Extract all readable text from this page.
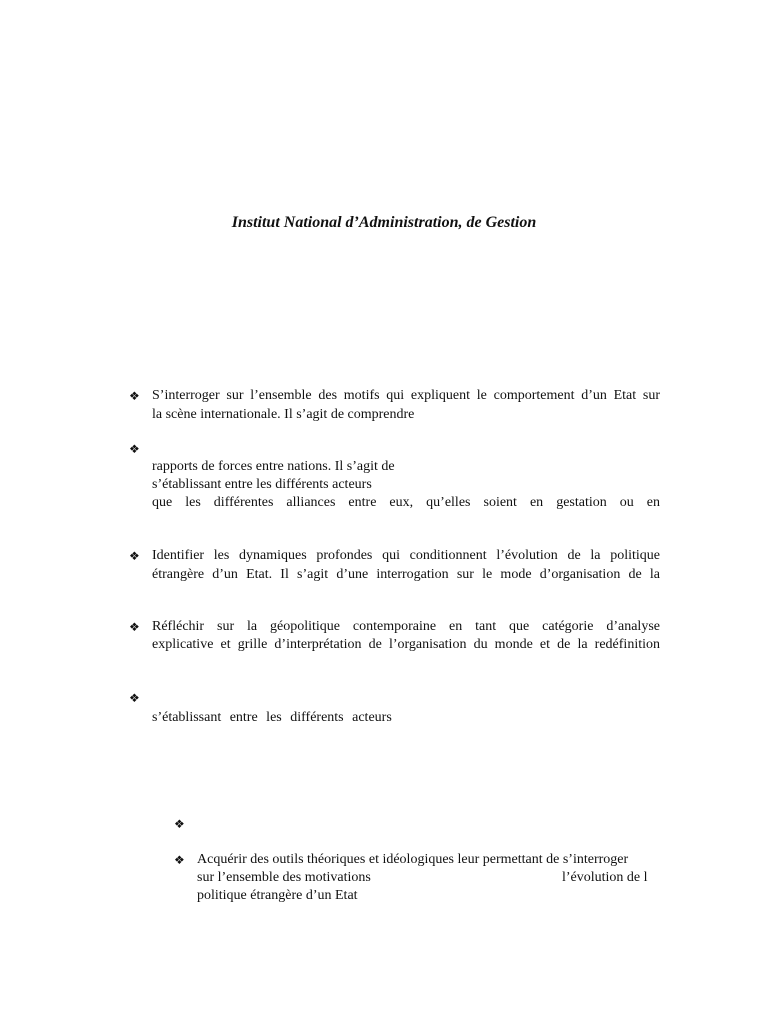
Institut National d’Administration, de Gestion
❖ S’interroger sur l’ensemble des motifs qui expliquent le comportement d’un Etat sur
la scène internationale. Il s’agit de comprendre
❖
rapports de forces entre nations. Il s’agit de
s’établissant entre les différents acteurs
que les différentes alliances entre eux, qu’elles soient en gestation ou en
❖ Identifier les dynamiques profondes qui conditionnent l’évolution de la politique
étrangère d’un Etat. Il s’agit d’une interrogation sur le mode d’organisation de la
❖ Réfléchir sur la géopolitique contemporaine en tant que catégorie d’analyse
explicative et grille d’interprétation de l’organisation du monde et de la redéfinition
❖
s’établissant entre les différents acteurs
❖
❖ Acquérir des outils théoriques et idéologiques leur permettant de s’interroger
sur l’ensemble des motivations	l’évolution de l
politique étrangère d’un Etat
